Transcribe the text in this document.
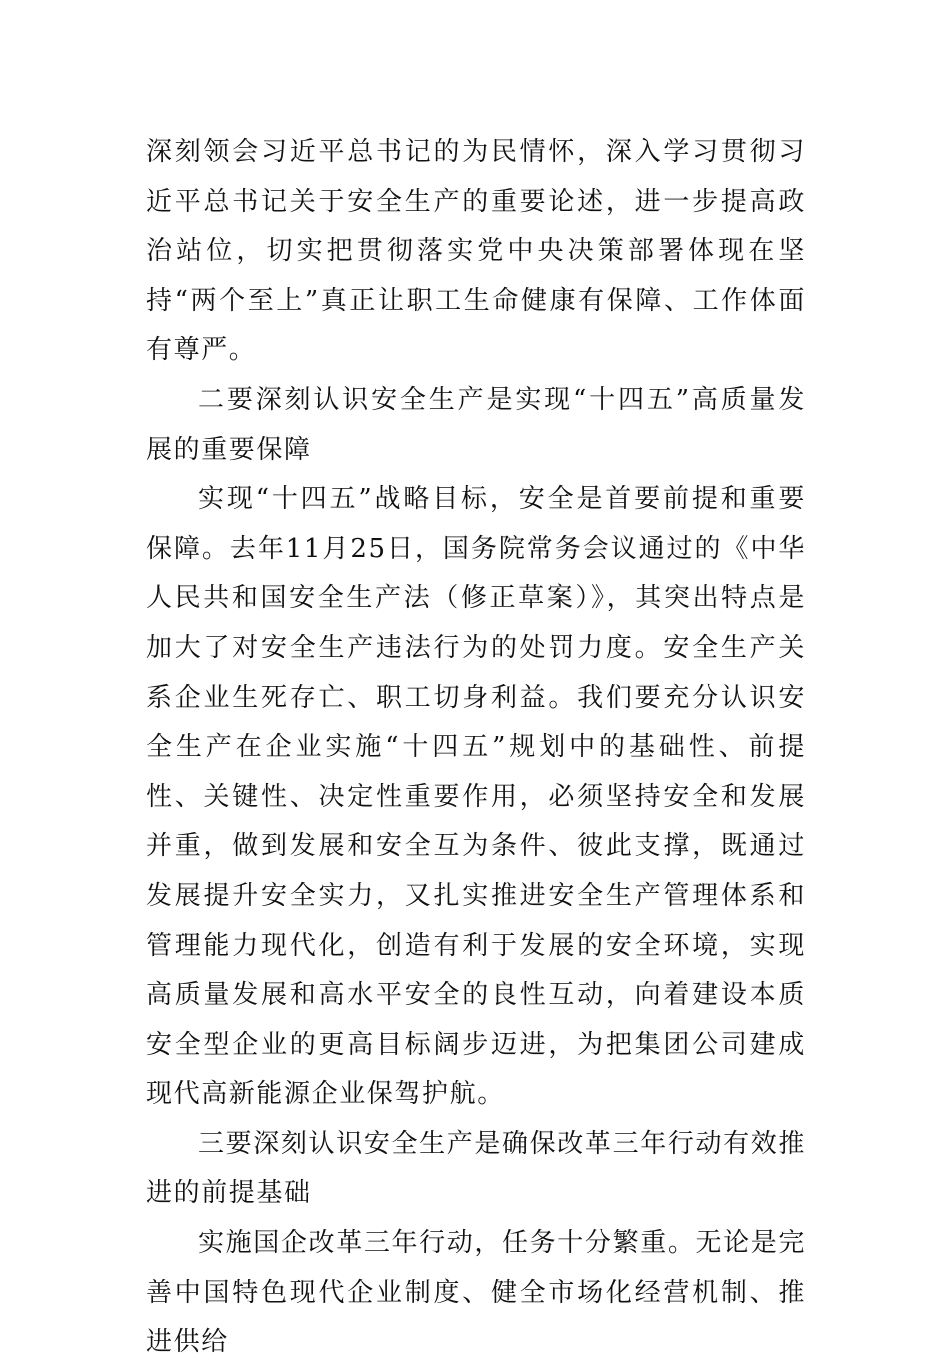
深刻领会习近平总书记的为民情怀，深入学习贯彻习近平总书记关于安全生产的重要论述，进一步提高政治站位，切实把贯彻落实党中央决策部署体现在坚持“两个至上”真正让职工生命健康有保障、工作体面有尊严。

二要深刻认识安全生产是实现“十四五”高质量发展的重要保障

实现“十四五”战略目标，安全是首要前提和重要保障。去年11月25日，国务院常务会议通过的《中华人民共和国安全生产法（修正草案）》，其突出特点是加大了对安全生产违法行为的处罚力度。安全生产关系企业生死存亡、职工切身利益。我们要充分认识安全生产在企业实施“十四五”规划中的基础性、前提性、关键性、决定性重要作用，必须坚持安全和发展并重，做到发展和安全互为条件、彼此支撑，既通过发展提升安全实力，又扎实推进安全生产管理体系和管理能力现代化，创造有利于发展的安全环境，实现高质量发展和高水平安全的良性互动，向着建设本质安全型企业的更高目标阔步迈进，为把集团公司建成现代高新能源企业保驾护航。

三要深刻认识安全生产是确保改革三年行动有效推进的前提基础

实施国企改革三年行动，任务十分繁重。无论是完善中国特色现代企业制度、健全市场化经营机制、推进供给
